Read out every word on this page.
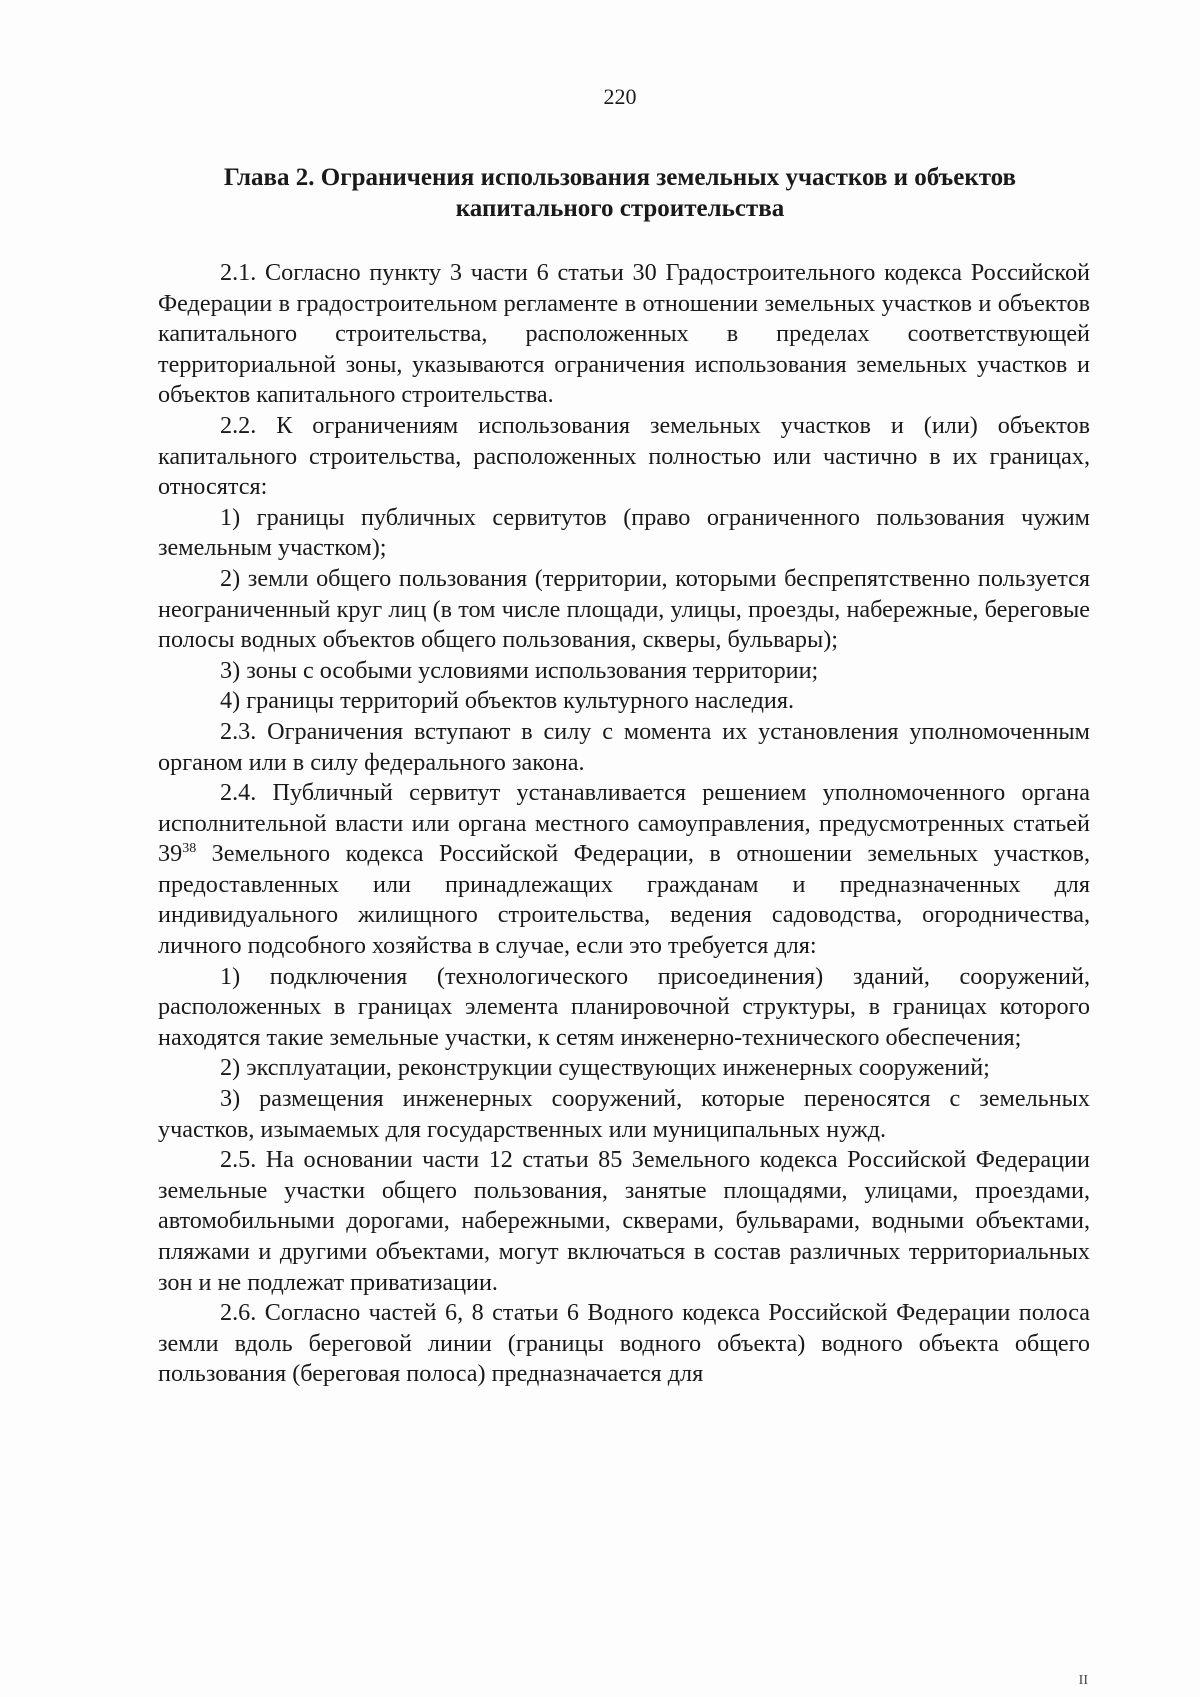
220
Глава 2. Ограничения использования земельных участков и объектов капитального строительства

2.1. Согласно пункту 3 части 6 статьи 30 Градостроительного кодекса Российской Федерации в градостроительном регламенте в отношении земельных участков и объектов капитального строительства, расположенных в пределах соответствующей территориальной зоны, указываются ограничения использования земельных участков и объектов капитального строительства.

2.2. К ограничениям использования земельных участков и (или) объектов капитального строительства, расположенных полностью или частично в их границах, относятся:

1) границы публичных сервитутов (право ограниченного пользования чужим земельным участком);

2) земли общего пользования (территории, которыми беспрепятственно пользуется неограниченный круг лиц (в том числе площади, улицы, проезды, набережные, береговые полосы водных объектов общего пользования, скверы, бульвары);

3) зоны с особыми условиями использования территории;

4) границы территорий объектов культурного наследия.

2.3. Ограничения вступают в силу с момента их установления уполномоченным органом или в силу федерального закона.

2.4. Публичный сервитут устанавливается решением уполномоченного органа исполнительной власти или органа местного самоуправления, предусмотренных статьей $39^{38}$ Земельного кодекса Российской Федерации, в отношении земельных участков, предоставленных или принадлежащих гражданам и предназначенных для индивидуального жилищного строительства, ведения садоводства, огородничества, личного подсобного хозяйства в случае, если это требуется для:

1) подключения (технологического присоединения) зданий, сооружений, расположенных в границах элемента планировочной структуры, в границах которого находятся такие земельные участки, к сетям инженерно-технического обеспечения;

2) эксплуатации, реконструкции существующих инженерных сооружений;

3) размещения инженерных сооружений, которые переносятся с земельных участков, изымаемых для государственных или муниципальных нужд.

2.5. На основании части 12 статьи 85 Земельного кодекса Российской Федерации земельные участки общего пользования, занятые площадями, улицами, проездами, автомобильными дорогами, набережными, скверами, бульварами, водными объектами, пляжами и другими объектами, могут включаться в состав различных территориальных зон и не подлежат приватизации.

2.6. Согласно частей 6, 8 статьи 6 Водного кодекса Российской Федерации полоса земли вдоль береговой линии (границы водного объекта) водного объекта общего пользования (береговая полоса) предназначается для

II
